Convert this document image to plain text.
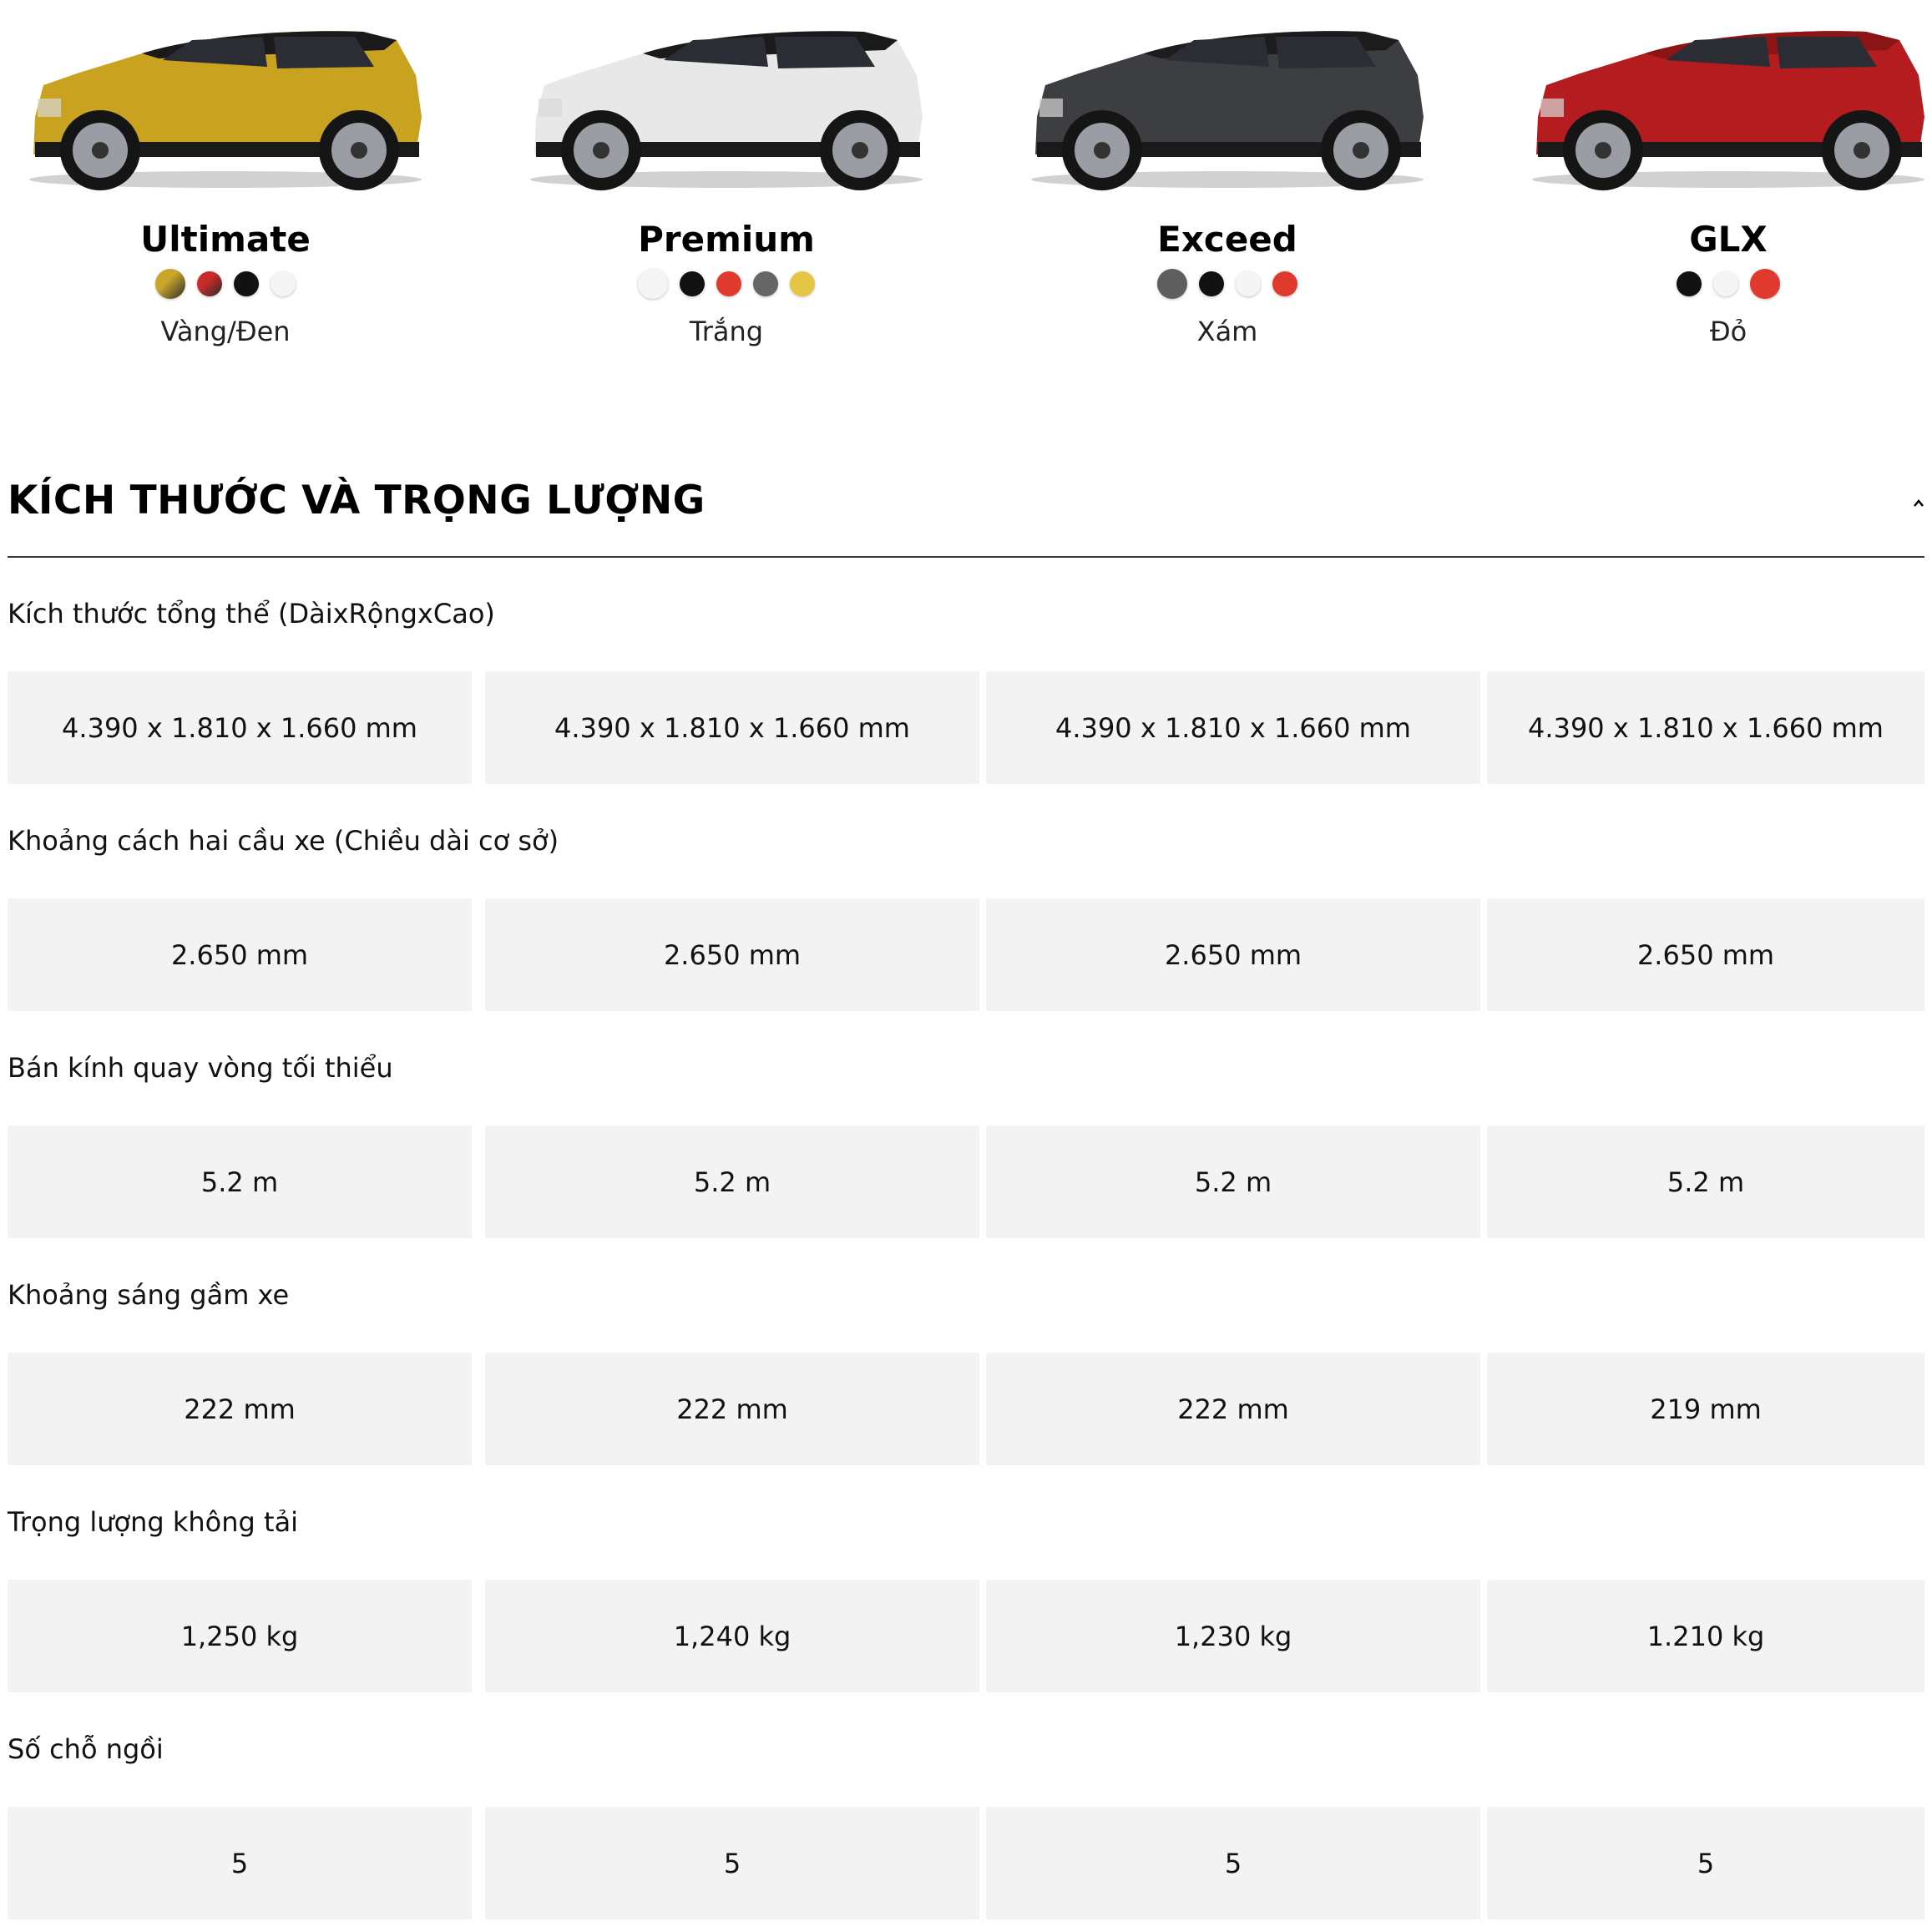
Ultimate
Vàng/Đen
Premium
Trắng
Exceed
Xám
GLX
Đỏ
KÍCH THƯỚC VÀ TRỌNG LƯỢNG
Kích thước tổng thể (DàixRộngxCao)
4.390 x 1.810 x 1.660 mm	4.390 x 1.810 x 1.660 mm	4.390 x 1.810 x 1.660 mm	4.390 x 1.810 x 1.660 mm
Khoảng cách hai cầu xe (Chiều dài cơ sở)
2.650 mm	2.650 mm	2.650 mm	2.650 mm
Bán kính quay vòng tối thiểu
5.2 m	5.2 m	5.2 m	5.2 m
Khoảng sáng gầm xe
222 mm	222 mm	222 mm	219 mm
Trọng lượng không tải
1,250 kg	1,240 kg	1,230 kg	1.210 kg
Số chỗ ngồi
5	5	5	5
